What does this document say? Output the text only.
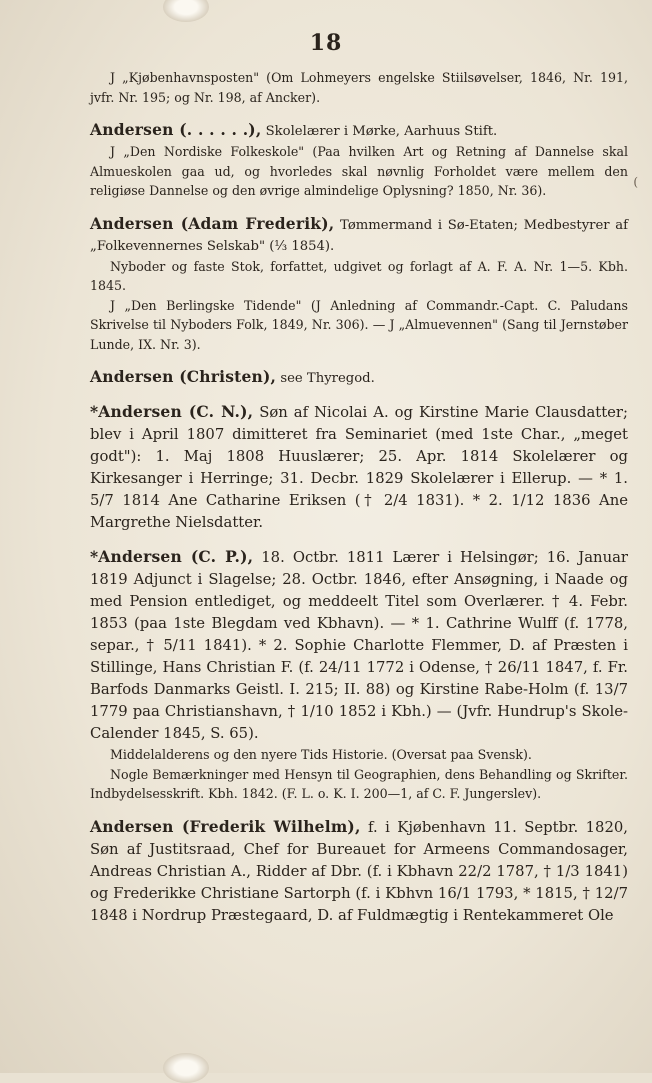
(
18

J „Kjøbenhavnsposten" (Om Lohmeyers engelske Stiilsøvelser, 1846, Nr. 191, jvfr. Nr. 195; og Nr. 198, af Ancker).

Andersen (. . . . . .), Skolelærer i Mørke, Aarhuus Stift.

J „Den Nordiske Folkeskole" (Paa hvilken Art og Retning af Dannelse skal Almueskolen gaa ud, og hvorledes skal nøvnlig Forholdet være mellem den religiøse Dannelse og den øvrige almindelige Oplysning? 1850, Nr. 36).

Andersen (Adam Frederik), Tømmermand i Sø-Etaten; Medbestyrer af „Folkevennernes Selskab" (⅓ 1854).

Nyboder og faste Stok, forfattet, udgivet og forlagt af A. F. A. Nr. 1—5. Kbh. 1845.

J „Den Berlingske Tidende" (J Anledning af Commandr.-Capt. C. Paludans Skrivelse til Nyboders Folk, 1849, Nr. 306). — J „Almuevennen" (Sang til Jernstøber Lunde, IX. Nr. 3).

Andersen (Christen), see Thyregod.

*Andersen (C. N.), Søn af Nicolai A. og Kirstine Marie Clausdatter; blev i April 1807 dimitteret fra Seminariet (med 1ste Char., „meget godt"): 1. Maj 1808 Huuslærer; 25. Apr. 1814 Skolelærer og Kirkesanger i Herringe; 31. Decbr. 1829 Skolelærer i Ellerup. — * 1. 5/7 1814 Ane Catharine Eriksen († 2/4 1831). * 2. 1/12 1836 Ane Margrethe Nielsdatter.

*Andersen (C. P.), 18. Octbr. 1811 Lærer i Helsingør; 16. Januar 1819 Adjunct i Slagelse; 28. Octbr. 1846, efter Ansøgning, i Naade og med Pension entlediget, og meddeelt Titel som Overlærer. † 4. Febr. 1853 (paa 1ste Blegdam ved Kbhavn). — * 1. Cathrine Wulff (f. 1778, separ., † 5/11 1841). * 2. Sophie Charlotte Flemmer, D. af Præsten i Stillinge, Hans Christian F. (f. 24/11 1772 i Odense, † 26/11 1847, f. Fr. Barfods Danmarks Geistl. I. 215; II. 88) og Kirstine Rabe-Holm (f. 13/7 1779 paa Christianshavn, † 1/10 1852 i Kbh.) — (Jvfr. Hundrup's Skole-Calender 1845, S. 65).

Middelalderens og den nyere Tids Historie. (Oversat paa Svensk).

Nogle Bemærkninger med Hensyn til Geographien, dens Behandling og Skrifter. Indbydelsesskrift. Kbh. 1842. (F. L. o. K. I. 200—1, af C. F. Jungerslev).

Andersen (Frederik Wilhelm), f. i Kjøbenhavn 11. Septbr. 1820, Søn af Justitsraad, Chef for Bureauet for Armeens Commandosager, Andreas Christian A., Ridder af Dbr. (f. i Kbhavn 22/2 1787, † 1/3 1841) og Frederikke Christiane Sartorph (f. i Kbhvn 16/1 1793, * 1815, † 12/7 1848 i Nordrup Præstegaard, D. af Fuldmægtig i Rentekammeret Ole
